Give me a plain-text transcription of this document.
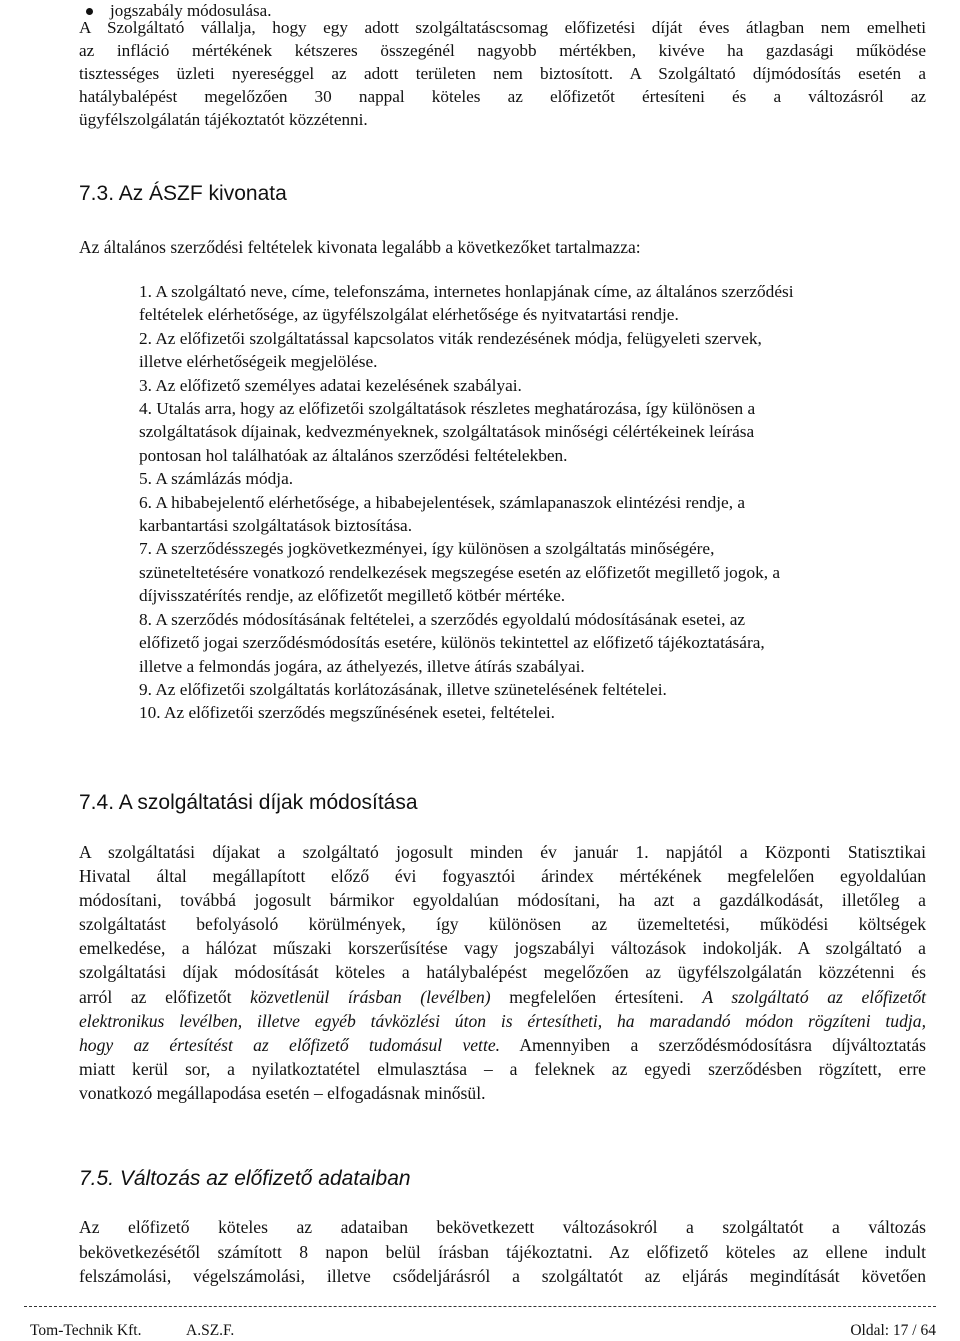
jogszabály módosulása.
A Szolgáltató vállalja, hogy egy adott szolgáltatáscsomag előfizetési díját éves átlagban nem emelheti
az infláció mértékének kétszeres összegénél nagyobb mértékben, kivéve ha gazdasági működése
tisztességes üzleti nyereséggel az adott területen nem biztosított. A Szolgáltató díjmódosítás esetén a
hatálybalépést megelőzően 30 nappal köteles az előfizetőt értesíteni és a változásról az
ügyfélszolgálatán tájékoztatót közzétenni.
7.3. Az ÁSZF kivonata
Az általános szerződési feltételek kivonata legalább a következőket tartalmazza:
1. A szolgáltató neve, címe, telefonszáma, internetes honlapjának címe, az általános szerződési
feltételek elérhetősége, az ügyfélszolgálat elérhetősége és nyitvatartási rendje.
2. Az előfizetői szolgáltatással kapcsolatos viták rendezésének módja, felügyeleti szervek,
illetve elérhetőségeik megjelölése.
3. Az előfizető személyes adatai kezelésének szabályai.
4. Utalás arra, hogy az előfizetői szolgáltatások részletes meghatározása, így különösen a
szolgáltatások díjainak, kedvezményeknek, szolgáltatások minőségi célértékeinek leírása
pontosan hol találhatóak az általános szerződési feltételekben.
5. A számlázás módja.
6. A hibabejelentő elérhetősége, a hibabejelentések, számlapanaszok elintézési rendje, a
karbantartási szolgáltatások biztosítása.
7. A szerződésszegés jogkövetkezményei, így különösen a szolgáltatás minőségére,
szüneteltetésére vonatkozó rendelkezések megszegése esetén az előfizetőt megillető jogok, a
díjvisszatérítés rendje, az előfizetőt megillető kötbér mértéke.
8. A szerződés módosításának feltételei, a szerződés egyoldalú módosításának esetei, az
előfizető jogai szerződésmódosítás esetére, különös tekintettel az előfizető tájékoztatására,
illetve a felmondás jogára, az áthelyezés, illetve átírás szabályai.
9. Az előfizetői szolgáltatás korlátozásának, illetve szünetelésének feltételei.
10. Az előfizetői szerződés megszűnésének esetei, feltételei.
7.4. A szolgáltatási díjak módosítása
A szolgáltatási díjakat a szolgáltató jogosult minden év január 1. napjától a Központi Statisztikai
Hivatal által megállapított előző évi fogyasztói árindex mértékének megfelelően egyoldalúan
módosítani, továbbá jogosult bármikor egyoldalúan módosítani, ha azt a gazdálkodását, illetőleg a
szolgáltatást befolyásoló körülmények, így különösen az üzemeltetési, működési költségek
emelkedése, a hálózat műszaki korszerűsítése vagy jogszabályi változások indokolják. A szolgáltató a
szolgáltatási díjak módosítását köteles a hatálybalépést megelőzően az ügyfélszolgálatán közzétenni és
arról az előfizetőt közvetlenül írásban (levélben) megfelelően értesíteni. A szolgáltató az előfizetőt
elektronikus levélben, illetve egyéb távközlési úton is értesítheti, ha maradandó módon rögzíteni tudja,
hogy az értesítést az előfizető tudomásul vette. Amennyiben a szerződésmódosításra díjváltoztatás
miatt kerül sor, a nyilatkoztatétel elmulasztása – a feleknek az egyedi szerződésben rögzített, erre
vonatkozó megállapodása esetén – elfogadásnak minősül.
7.5. Változás az előfizető adataiban
Az előfizető köteles az adataiban bekövetkezett változásokról a szolgáltatót a változás
bekövetkezésétől számított 8 napon belül írásban tájékoztatni. Az előfizető köteles az ellene indult
felszámolási, végelszámolási, illetve csődeljárásról a szolgáltatót az eljárás megindítását követően
Tom-Technik Kft.	A.SZ.F.	Oldal: 17 / 64
